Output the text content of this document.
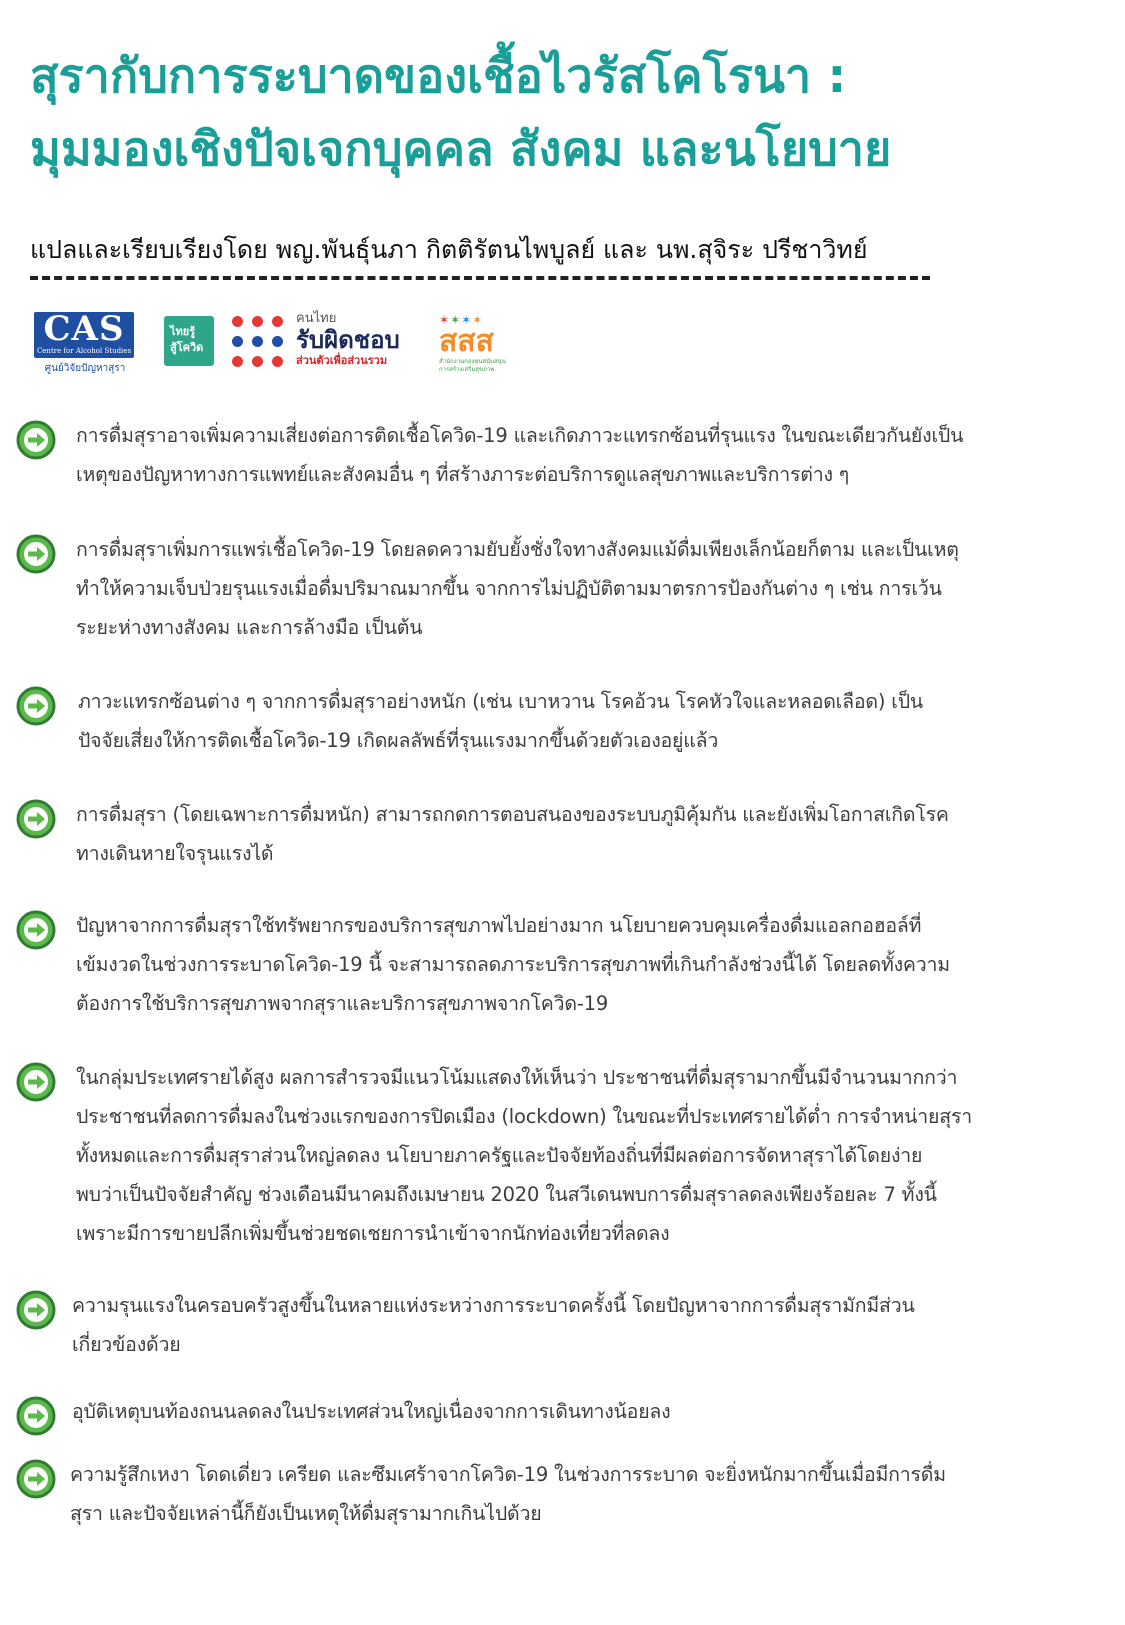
สุรากับการระบาดของเชื้อไวรัสโคโรนา :
มุมมองเชิงปัจเจกบุคคล สังคม และนโยบาย
แปลและเรียบเรียงโดย พญ.พันธุ์นภา กิตติรัตนไพบูลย์ และ นพ.สุจิระ ปรีชาวิทย์
CAS
Centre for Alcohol Studies
ศูนย์วิจัยปัญหาสุรา
ไทยรู้
สู้โควิด
คนไทย
รับผิดชอบ
ส่วนตัวเพื่อส่วนรวม
✶✶✶✶
สสส
สำนักงานกองทุนสนับสนุนการสร้างเสริมสุขภาพ
การดื่มสุราอาจเพิ่มความเสี่ยงต่อการติดเชื้อโควิด-19 และเกิดภาวะแทรกซ้อนที่รุนแรง ในขณะเดียวกันยังเป็น
เหตุของปัญหาทางการแพทย์และสังคมอื่น ๆ ที่สร้างภาระต่อบริการดูแลสุขภาพและบริการต่าง ๆ
การดื่มสุราเพิ่มการแพร่เชื้อโควิด-19 โดยลดความยับยั้งชั่งใจทางสังคมแม้ดื่มเพียงเล็กน้อยก็ตาม และเป็นเหตุ
ทำให้ความเจ็บป่วยรุนแรงเมื่อดื่มปริมาณมากขึ้น จากการไม่ปฏิบัติตามมาตรการป้องกันต่าง ๆ เช่น การเว้น
ระยะห่างทางสังคม และการล้างมือ เป็นต้น
ภาวะแทรกซ้อนต่าง ๆ จากการดื่มสุราอย่างหนัก (เช่น เบาหวาน โรคอ้วน โรคหัวใจและหลอดเลือด) เป็น
ปัจจัยเสี่ยงให้การติดเชื้อโควิด-19 เกิดผลลัพธ์ที่รุนแรงมากขึ้นด้วยตัวเองอยู่แล้ว
การดื่มสุรา (โดยเฉพาะการดื่มหนัก) สามารถกดการตอบสนองของระบบภูมิคุ้มกัน และยังเพิ่มโอกาสเกิดโรค
ทางเดินหายใจรุนแรงได้
ปัญหาจากการดื่มสุราใช้ทรัพยากรของบริการสุขภาพไปอย่างมาก นโยบายควบคุมเครื่องดื่มแอลกอฮอล์ที่
เข้มงวดในช่วงการระบาดโควิด-19 นี้ จะสามารถลดภาระบริการสุขภาพที่เกินกำลังช่วงนี้ได้ โดยลดทั้งความ
ต้องการใช้บริการสุขภาพจากสุราและบริการสุขภาพจากโควิด-19
ในกลุ่มประเทศรายได้สูง ผลการสำรวจมีแนวโน้มแสดงให้เห็นว่า ประชาชนที่ดื่มสุรามากขึ้นมีจำนวนมากกว่า
ประชาชนที่ลดการดื่มลงในช่วงแรกของการปิดเมือง (lockdown) ในขณะที่ประเทศรายได้ต่ำ การจำหน่ายสุรา
ทั้งหมดและการดื่มสุราส่วนใหญ่ลดลง นโยบายภาครัฐและปัจจัยท้องถิ่นที่มีผลต่อการจัดหาสุราได้โดยง่าย
พบว่าเป็นปัจจัยสำคัญ ช่วงเดือนมีนาคมถึงเมษายน 2020 ในสวีเดนพบการดื่มสุราลดลงเพียงร้อยละ 7 ทั้งนี้
เพราะมีการขายปลีกเพิ่มขึ้นช่วยชดเชยการนำเข้าจากนักท่องเที่ยวที่ลดลง
ความรุนแรงในครอบครัวสูงขึ้นในหลายแห่งระหว่างการระบาดครั้งนี้ โดยปัญหาจากการดื่มสุรามักมีส่วน
เกี่ยวข้องด้วย
อุบัติเหตุบนท้องถนนลดลงในประเทศส่วนใหญ่เนื่องจากการเดินทางน้อยลง
ความรู้สึกเหงา โดดเดี่ยว เครียด และซึมเศร้าจากโควิด-19 ในช่วงการระบาด จะยิ่งหนักมากขึ้นเมื่อมีการดื่ม
สุรา และปัจจัยเหล่านี้ก็ยังเป็นเหตุให้ดื่มสุรามากเกินไปด้วย
